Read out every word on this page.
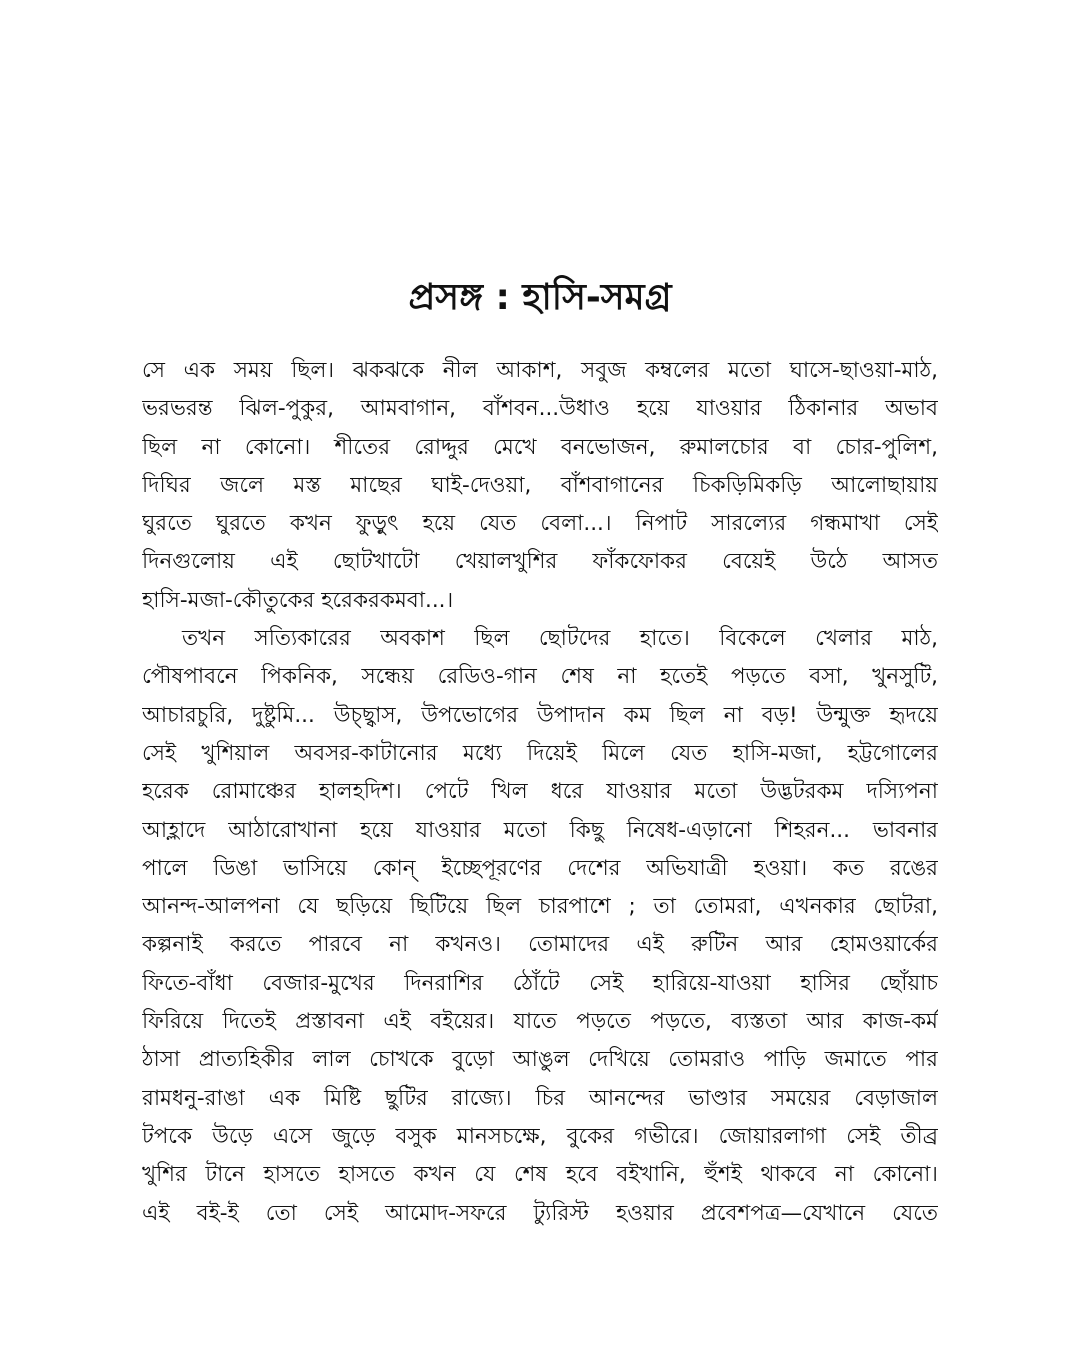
প্রসঙ্গ : হাসি-সমগ্র
সে এক সময় ছিল। ঝকঝকে নীল আকাশ, সবুজ কম্বলের মতো ঘাসে-ছাওয়া-মাঠ,
ভরভরন্ত ঝিল-পুকুর, আমবাগান, বাঁশবন...উধাও হয়ে যাওয়ার ঠিকানার অভাব
ছিল না কোনো। শীতের রোদ্দুর মেখে বনভোজন, রুমালচোর বা চোর-পুলিশ,
দিঘির জলে মস্ত মাছের ঘাই-দেওয়া, বাঁশবাগানের চিকড়িমিকড়ি আলোছায়ায়
ঘুরতে ঘুরতে কখন ফুড়ুৎ হয়ে যেত বেলা...। নিপাট সারল্যের গন্ধমাখা সেই
দিনগুলোয় এই ছোটখাটো খেয়ালখুশির ফাঁকফোকর বেয়েই উঠে আসত
হাসি-মজা-কৌতুকের হরেকরকমবা...।
তখন সত্যিকারের অবকাশ ছিল ছোটদের হাতে। বিকেলে খেলার মাঠ,
পৌষপাবনে পিকনিক, সন্ধেয় রেডিও-গান শেষ না হতেই পড়তে বসা, খুনসুটি,
আচারচুরি, দুষ্টুমি... উচ্ছ্বাস, উপভোগের উপাদান কম ছিল না বড়! উন্মুক্ত হৃদয়ে
সেই খুশিয়াল অবসর-কাটানোর মধ্যে দিয়েই মিলে যেত হাসি-মজা, হট্টগোলের
হরেক রোমাঞ্চের হালহদিশ। পেটে খিল ধরে যাওয়ার মতো উদ্ভটরকম দস্যিপনা
আহ্লাদে আঠারোখানা হয়ে যাওয়ার মতো কিছু নিষেধ-এড়ানো শিহরন... ভাবনার
পালে ডিঙা ভাসিয়ে কোন্ ইচ্ছেপূরণের দেশের অভিযাত্রী হওয়া। কত রঙের
আনন্দ-আলপনা যে ছড়িয়ে ছিটিয়ে ছিল চারপাশে ; তা তোমরা, এখনকার ছোটরা,
কল্পনাই করতে পারবে না কখনও। তোমাদের এই রুটিন আর হোমওয়ার্কের
ফিতে-বাঁধা বেজার-মুখের দিনরাশির ঠোঁটে সেই হারিয়ে-যাওয়া হাসির ছোঁয়াচ
ফিরিয়ে দিতেই প্রস্তাবনা এই বইয়ের। যাতে পড়তে পড়তে, ব্যস্ততা আর কাজ-কর্ম
ঠাসা প্রাত্যহিকীর লাল চোখকে বুড়ো আঙুল দেখিয়ে তোমরাও পাড়ি জমাতে পার
রামধনু-রাঙা এক মিষ্টি ছুটির রাজ্যে। চির আনন্দের ভাণ্ডার সময়ের বেড়াজাল
টপকে উড়ে এসে জুড়ে বসুক মানসচক্ষে, বুকের গভীরে। জোয়ারলাগা সেই তীব্র
খুশির টানে হাসতে হাসতে কখন যে শেষ হবে বইখানি, হুঁশই থাকবে না কোনো।
এই বই-ই তো সেই আমোদ-সফরে ট্যুরিস্ট হওয়ার প্রবেশপত্র—যেখানে যেতে
